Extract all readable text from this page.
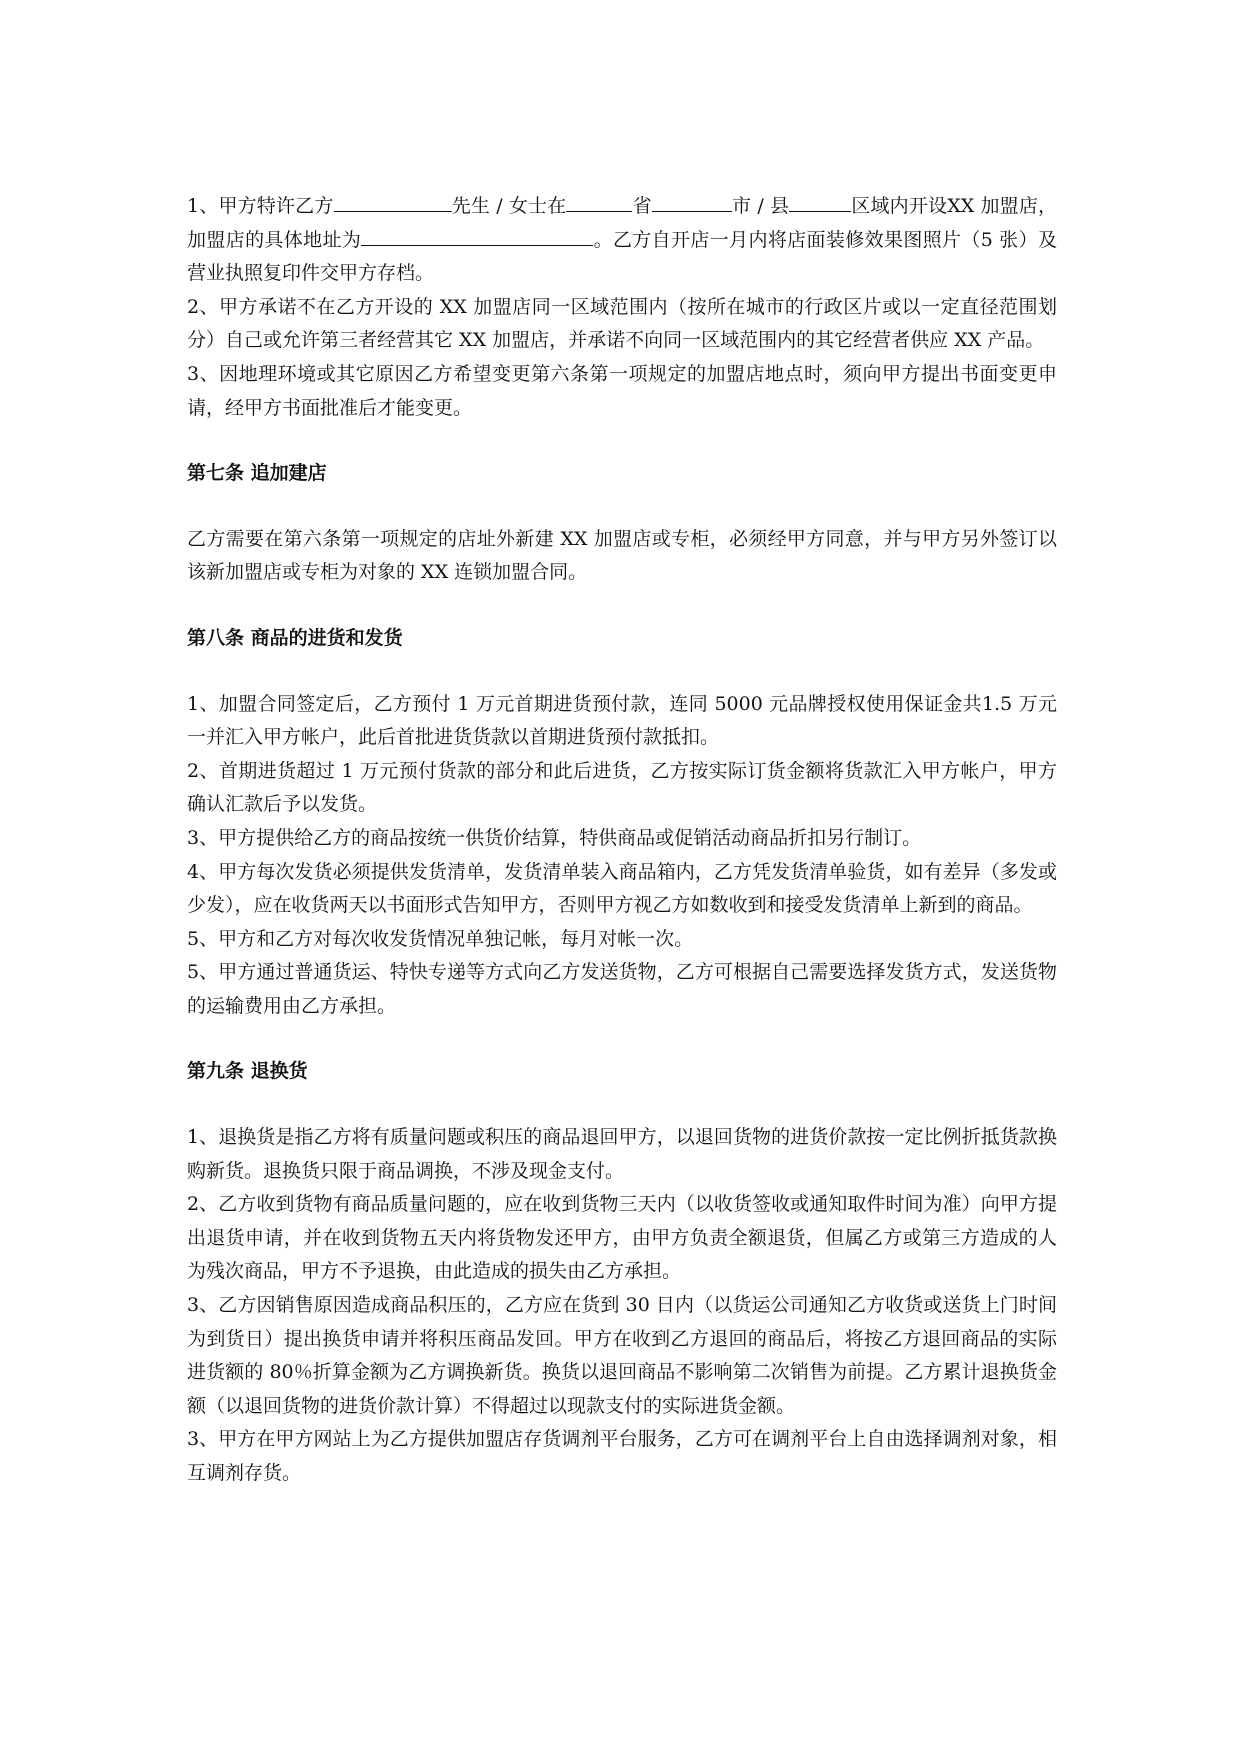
1、甲方特许乙方	先生 / 女士在	省	市 / 县	区域内开设XX 加盟店，加盟店的具体地址为	。乙方自开店一月内将店面装修效果图照片（5 张）及营业执照复印件交甲方存档。

2、甲方承诺不在乙方开设的 XX 加盟店同一区域范围内（按所在城市的行政区片或以一定直径范围划分）自己或允许第三者经营其它 XX 加盟店，并承诺不向同一区域范围内的其它经营者供应 XX 产品。

3、因地理环境或其它原因乙方希望变更第六条第一项规定的加盟店地点时，须向甲方提出书面变更申请，经甲方书面批准后才能变更。

第七条 追加建店

乙方需要在第六条第一项规定的店址外新建 XX 加盟店或专柜，必须经甲方同意，并与甲方另外签订以该新加盟店或专柜为对象的 XX 连锁加盟合同。

第八条 商品的进货和发货

1、加盟合同签定后，乙方预付 1 万元首期进货预付款，连同 5000 元品牌授权使用保证金共1.5 万元一并汇入甲方帐户，此后首批进货货款以首期进货预付款抵扣。

2、首期进货超过 1 万元预付货款的部分和此后进货，乙方按实际订货金额将货款汇入甲方帐户，甲方确认汇款后予以发货。

3、甲方提供给乙方的商品按统一供货价结算，特供商品或促销活动商品折扣另行制订。

4、甲方每次发货必须提供发货清单，发货清单装入商品箱内，乙方凭发货清单验货，如有差异（多发或少发），应在收货两天以书面形式告知甲方，否则甲方视乙方如数收到和接受发货清单上新到的商品。

5、甲方和乙方对每次收发货情况单独记帐，每月对帐一次。

5、甲方通过普通货运、特快专递等方式向乙方发送货物，乙方可根据自己需要选择发货方式，发送货物的运输费用由乙方承担。

第九条 退换货

1、退换货是指乙方将有质量问题或积压的商品退回甲方，以退回货物的进货价款按一定比例折抵货款换购新货。退换货只限于商品调换，不涉及现金支付。

2、乙方收到货物有商品质量问题的，应在收到货物三天内（以收货签收或通知取件时间为准）向甲方提出退货申请，并在收到货物五天内将货物发还甲方，由甲方负责全额退货，但属乙方或第三方造成的人为残次商品，甲方不予退换，由此造成的损失由乙方承担。

3、乙方因销售原因造成商品积压的，乙方应在货到 30 日内（以货运公司通知乙方收货或送货上门时间为到货日）提出换货申请并将积压商品发回。甲方在收到乙方退回的商品后，将按乙方退回商品的实际进货额的 80％折算金额为乙方调换新货。换货以退回商品不影响第二次销售为前提。乙方累计退换货金额（以退回货物的进货价款计算）不得超过以现款支付的实际进货金额。

3、甲方在甲方网站上为乙方提供加盟店存货调剂平台服务，乙方可在调剂平台上自由选择调剂对象，相互调剂存货。
